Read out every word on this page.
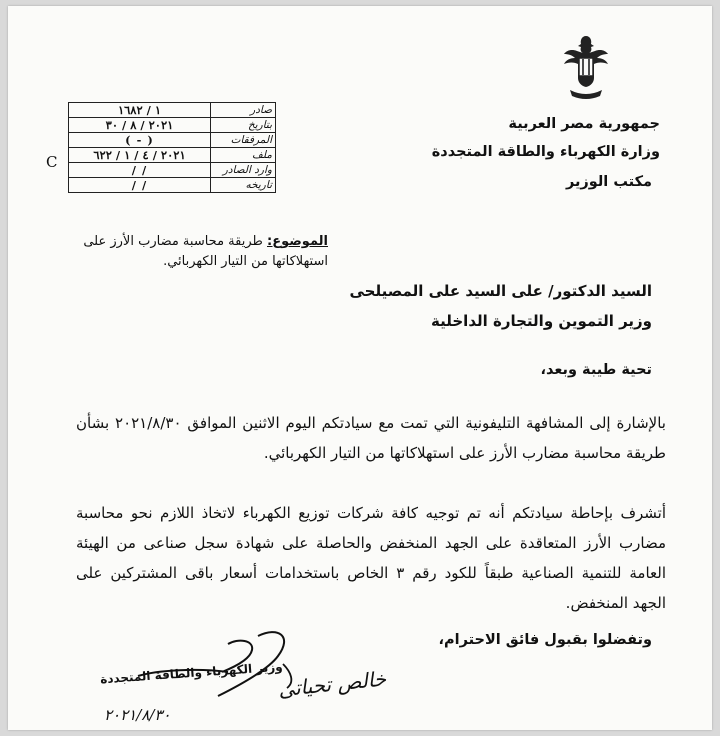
جمهورية مصر العربية
وزارة الكهرباء والطاقة المتجددة
مكتب الوزير
صادر	١ / ١٦٨٢
بتاريخ	٢٠٢١ / ٨ / ٣٠
المرفقات	( - )
ملف	٢٠٢١ / ٤ / ١ / ٦٢٢
وارد الصادر	/ /
تاريخه	/ /
C
الموضوع: طريقة محاسبة مضارب الأرز على استهلاكاتها من التيار الكهربائي.
السيد الدكتور/ على السيد على المصيلحى
وزير التموين والتجارة الداخلية
تحية طيبة وبعد،
بالإشارة إلى المشافهة التليفونية التي تمت مع سيادتكم اليوم الاثنين الموافق ٢٠٢١/٨/٣٠ بشأن طريقة محاسبة مضارب الأرز على استهلاكاتها من التيار الكهربائي.
أتشرف بإحاطة سيادتكم أنه تم توجيه كافة شركات توزيع الكهرباء لاتخاذ اللازم نحو محاسبة مضارب الأرز المتعاقدة على الجهد المنخفض والحاصلة على شهادة سجل صناعى من الهيئة العامة للتنمية الصناعية طبقاً للكود رقم ٣ الخاص باستخدامات أسعار باقى المشتركين على الجهد المنخفض.
وتفضلوا بقبول فائق الاحترام،
وزير الكهرباء والطاقة المتجددة
خالص تحياتى
٢٠٢١/٨/٣٠
